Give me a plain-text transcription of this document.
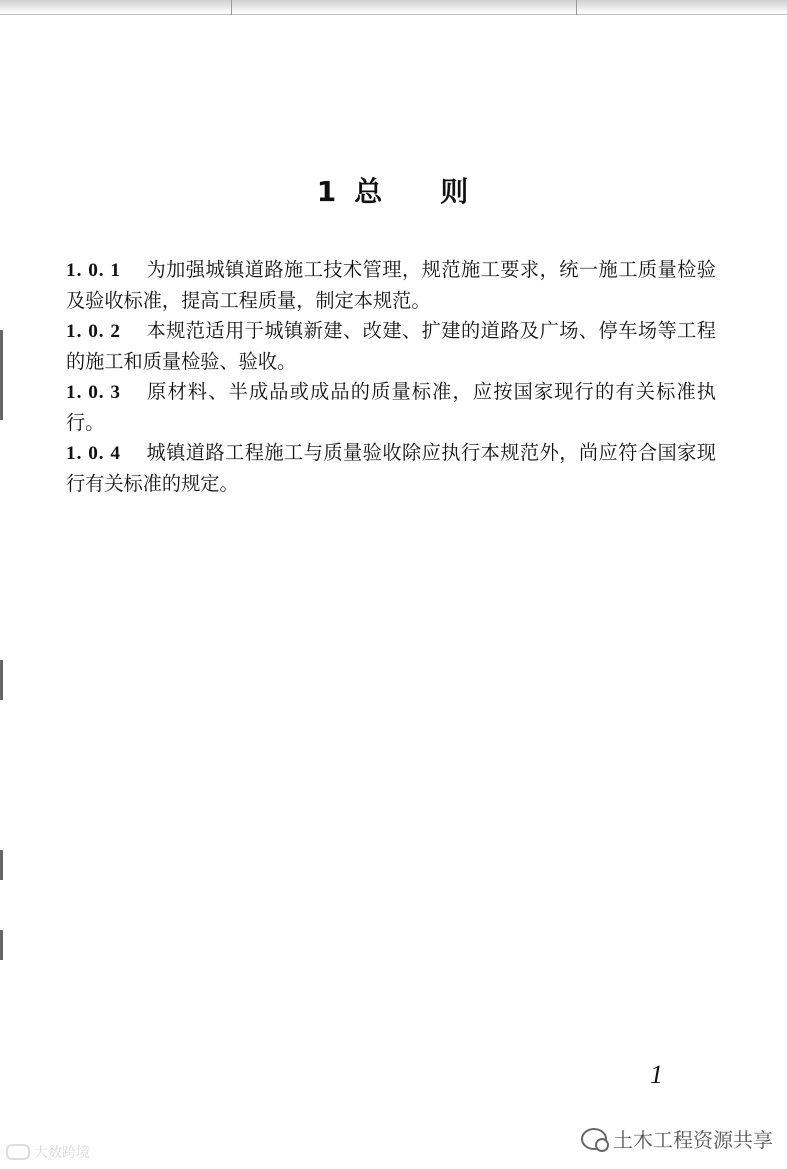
1 总 则

1. 0. 1 为加强城镇道路施工技术管理，规范施工要求，统一施工质量检验及验收标准，提高工程质量，制定本规范。

1. 0. 2 本规范适用于城镇新建、改建、扩建的道路及广场、停车场等工程的施工和质量检验、验收。

1. 0. 3 原材料、半成品或成品的质量标准，应按国家现行的有关标准执行。

1. 0. 4 城镇道路工程施工与质量验收除应执行本规范外，尚应符合国家现行有关标准的规定。

1
土木工程资源共享
大数跨境
